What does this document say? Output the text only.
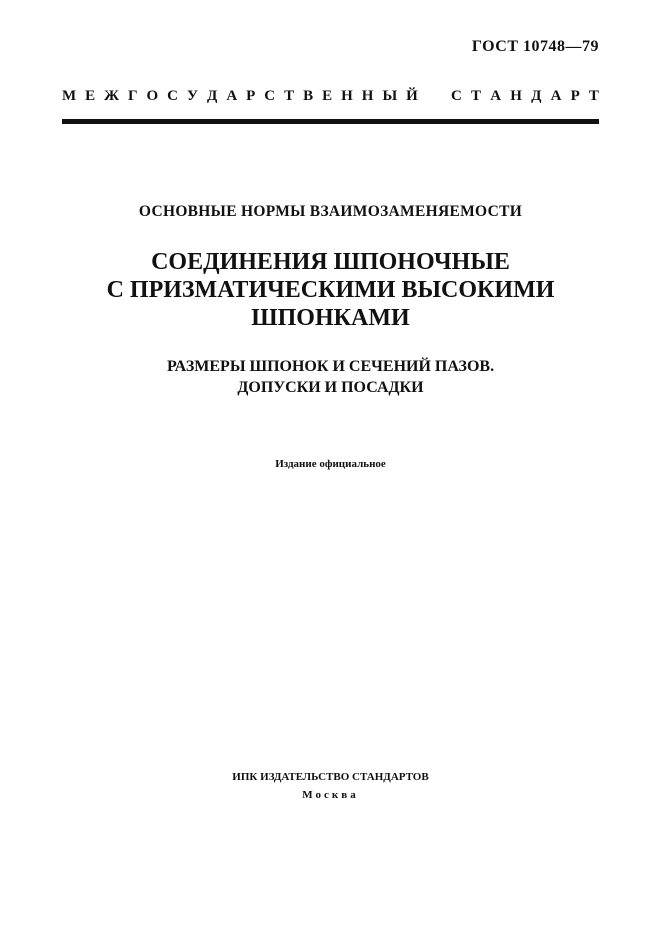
ГОСТ 10748—79
М Е Ж Г О С У Д А Р С Т В Е Н Н Ы Й С Т А Н Д А Р Т
ОСНОВНЫЕ НОРМЫ ВЗАИМОЗАМЕНЯЕМОСТИ
СОЕДИНЕНИЯ ШПОНОЧНЫЕ
С ПРИЗМАТИЧЕСКИМИ ВЫСОКИМИ
ШПОНКАМИ
РАЗМЕРЫ ШПОНОК И СЕЧЕНИЙ ПАЗОВ.
ДОПУСКИ И ПОСАДКИ
Издание официальное
ИПК ИЗДАТЕЛЬСТВО СТАНДАРТОВ
Москва
